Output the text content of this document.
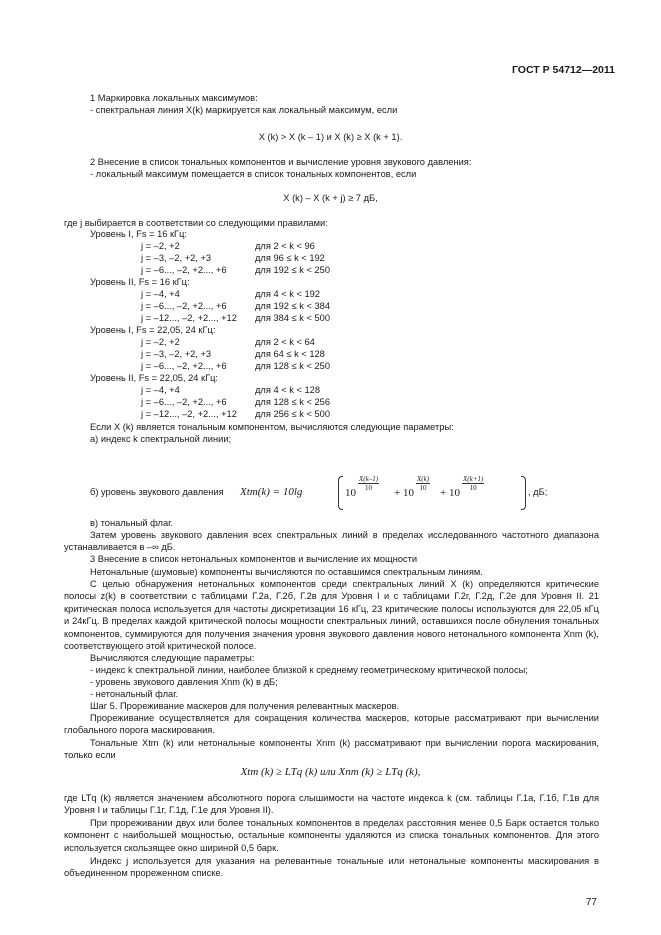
ГОСТ Р 54712—2011
1 Маркировка локальных максимумов:
- спектральная линия X(k) маркируется как локальный максимум, если
X (k) > X (k – 1) и X (k) ≥ X (k + 1).
2 Внесение в список тональных компонентов и вычисление уровня звукового давления:
- локальный максимум помещается в список тональных компонентов, если
X (k) – X (k + j) ≥ 7 дБ,
где j выбирается в соответствии со следующими правилами:
Уровень I, Fs = 16 кГц:
j = –2, +2	для 2 < k < 96
j = –3, –2, +2, +3	для 96 ≤ k < 192
j = –6..., –2, +2..., +6	для 192 ≤ k < 250
Уровень II, Fs = 16 кГц:
j = –4, +4	для 4 < k < 192
j = –6..., –2, +2..., +6	для 192 ≤ k < 384
j = –12..., –2, +2..., +12 для 384 ≤ k < 500
Уровень I, Fs = 22,05, 24 кГц:
j = –2, +2	для 2 < k < 64
j = –3, –2, +2, +3	для 64 ≤ k < 128
j = –6..., –2, +2..., +6	для 128 ≤ k < 250
Уровень II, Fs = 22,05, 24 кГц:
j = –4, +4	для 4 < k < 128
j = –6..., –2, +2..., +6	для 128 ≤ k < 256
j = –12..., –2, +2..., +12 для 256 ≤ k < 500
Если X (k) является тональным компонентом, вычисляются следующие параметры:
а) индекс k спектральной линии;
б) уровень звукового давления Xtm(k) = 10lg	10
$\frac{X(k-1)}{10}$
+ 10
$\frac{X(k)}{10}$
+ 10
$\frac{X(k+1)}{10}$	, дБ;
в) тональный флаг.
Затем уровень звукового давления всех спектральных линий в пределах исследованного частотного диапазона устанавливается в –∞ дБ.
3 Внесение в список нетональных компонентов и вычисление их мощности
Нетональные (шумовые) компоненты вычисляются по оставшимся спектральным линиям.
С целью обнаружения нетональных компонентов среди спектральных линий X (k) определяются критические полосы z(k) в соответствии с таблицами Г.2а, Г.2б, Г.2в для Уровня I и с таблицами Г.2г, Г.2д, Г.2е для Уровня II. 21 критическая полоса используется для частоты дискретизации 16 кГц, 23 критические полосы используются для 22,05 кГц и 24кГц. В пределах каждой критической полосы мощности спектральных линий, оставшихся после обнуления тональных компонентов, суммируются для получения значения уровня звукового давления нового нетонального компонента Xnm (k), соответствующего этой критической полосе.
Вычисляются следующие параметры:
- индекс k спектральной линии, наиболее близкой к среднему геометрическому критической полосы;
- уровень звукового давления Xnm (k) в дБ;
- нетональный флаг.
Шаг 5. Прореживание маскеров для получения релевантных маскеров.
Прореживание осуществляется для сокращения количества маскеров, которые рассматривают при вычислении глобального порога маскирования.
Тональные Xtm (k) или нетональные компоненты Xnm (k) рассматривают при вычислении порога маскирования, только если
Xtm (k) ≥ LTq (k) или Xnm (k) ≥ LTq (k),
где LTq (k) является значением абсолютного порога слышимости на частоте индекса k (см. таблицы Г.1а, Г.1б, Г.1в для Уровня I и таблицы Г.1г, Г.1д, Г.1е для Уровня II).
При прореживании двух или более тональных компонентов в пределах расстояния менее 0,5 Барк остается только компонент с наибольшей мощностью, остальные компоненты удаляются из списка тональных компонентов. Для этого используется скользящее окно шириной 0,5 барк.
Индекс j используется для указания на релевантные тональные или нетональные компоненты маскирования в объединенном прореженном списке.
77
